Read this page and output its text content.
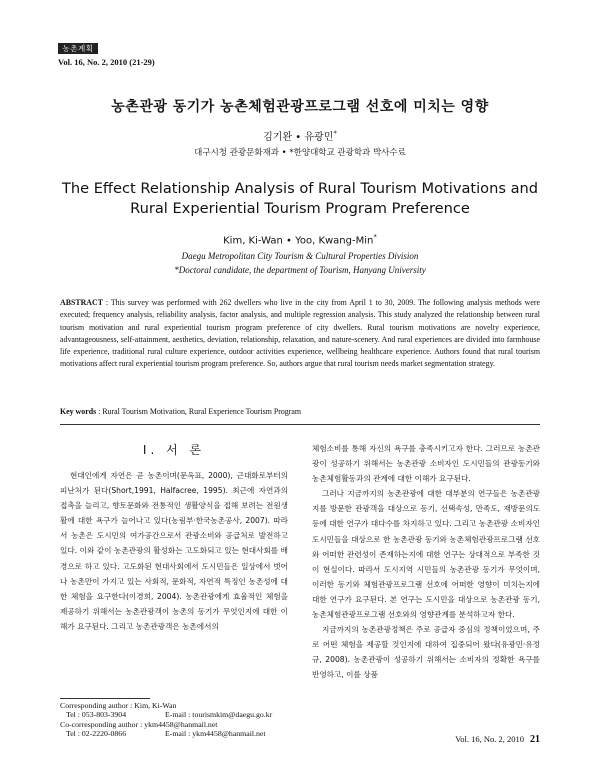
농촌계획
Vol. 16, No. 2, 2010 (21-29)
농촌관광 동기가 농촌체험관광프로그램 선호에 미치는 영향
김기완 • 유광민*
대구시청 관광문화재과 • *한양대학교 관광학과 박사수료
The Effect Relationship Analysis of Rural Tourism Motivations and
Rural Experiential Tourism Program Preference
Kim, Ki-Wan • Yoo, Kwang-Min*
Daegu Metropolitan City Tourism & Cultural Properties Division
*Doctoral candidate, the department of Tourism, Hanyang University
ABSTRACT : This survey was performed with 262 dwellers who live in the city from April 1 to 30, 2009. The following analysis methods were executed; frequency analysis, reliability analysis, factor analysis, and multiple regression analysis. This study analyzed the relationship between rural tourism motivation and rural experiential tourism program preference of city dwellers. Rural tourism motivations are novelty experience, advantageousness, self-attainment, aesthetics, deviation, relationship, relaxation, and nature-scenery. And rural experiences are divided into farmhouse life experience, traditional rural culture experience, outdoor activities experience, wellbeing healthcare experience. Authors found that rural tourism motivations affect rural experiential tourism program preference. So, authors argue that rural tourism needs market segmentation strategy.
Key words : Rural Tourism Motivation, Rural Experience Tourism Program
I. 서 론

현대인에게 자연은 곧 농촌이며(문옥표, 2000), 근대화로부터의 피난처가 된다(Short,1991, Halfacree, 1995). 최근에 자연과의 접촉을 늘리고, 향토문화와 전통적인 생활양식을 접해 보려는 전원생활에 대한 욕구가 늘어나고 있다(농림부·한국농촌공사, 2007). 따라서 농촌은 도시민의 여가공간으로서 관광소비와 공급처로 발전하고 있다. 이와 같이 농촌관광의 활성화는 고도화되고 있는 현대사회를 배경으로 하고 있다. 고도화된 현대사회에서 도시민들은 일상에서 벗어나 농촌만이 가지고 있는 사회적, 문화적, 자연적 특징인 농촌성에 대한 체험을 요구한다(이경희, 2004). 농촌관광에게 효율적인 체험을 제공하기 위해서는 농촌관광객이 농촌의 동기가 무엇인지에 대한 이해가 요구된다. 그리고 농촌관광객은 농촌에서의

체험소비를 통해 자신의 욕구를 충족시키고자 한다. 그러므로 농촌관광이 성공하기 위해서는 농촌관광 소비자인 도시민들의 관광동기와 농촌체험활동과의 관계에 대한 이해가 요구된다.

그러나 지금까지의 농촌관광에 대한 대부분의 연구들은 농촌관광지를 방문한 관광객을 대상으로 동기, 선택속성, 만족도, 재방문의도 등에 대한 연구가 대다수를 차지하고 있다. 그리고 농촌관광 소비자인 도시민들을 대상으로 한 농촌관광 동기와 농촌체험관광프로그램 선호와 어떠한 관련성이 존재하는지에 대한 연구는 상대적으로 부족한 것이 현실이다. 따라서 도시지역 시민들의 농촌관광 동기가 무엇이며, 이러한 동기와 체험관광프로그램 선호에 어떠한 영향이 미치는지에 대한 연구가 요구된다. 본 연구는 도시민을 대상으로 농촌관광 동기, 농촌체험관광프로그램 선호와의 영향관계를 분석하고자 한다.

지금까지의 농촌관광정책은 주로 공급자 중심의 정책이었으며, 주로 어떤 체험을 제공할 것인지에 대하여 집중되어 왔다(유광민·유정규, 2008). 농촌관광이 성공하기 위해서는 소비자의 정확한 욕구를 반영하고, 이를 상품

Corresponding author : Kim, Ki-Wan
Tel : 053-803-3904	E-mail : tourismkim@daegu.go.kr
Co-corresponding author : ykm4458@hanmail.net
Tel : 02-2220-0866	E-mail : ykm4458@hanmail.net
Vol. 16, No. 2, 2010 21
